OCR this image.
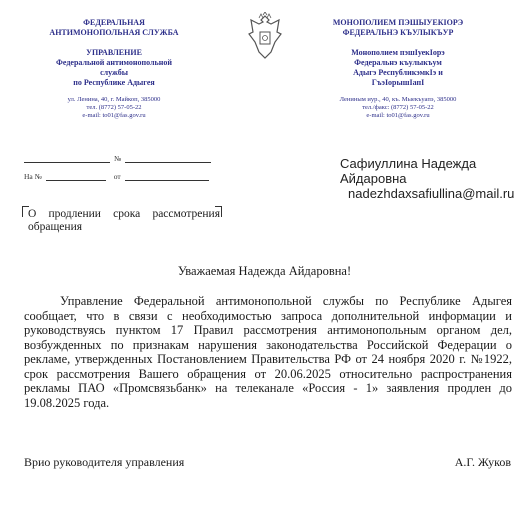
ФЕДЕРАЛЬНАЯ
АНТИМОНОПОЛЬНАЯ СЛУЖБА
УПРАВЛЕНИЕ
Федеральной антимонопольной
службы
по Республике Адыгея
ул. Ленина, 40, г. Майкоп, 385000
тел. (8772) 57-05-22
e-mail: to01@fas.gov.ru
МОНОПОЛИЕМ ПЭШЫУЕКIОРЭ
ФЕДЕРАЛЬНЭ КЪУЛЫКЪУР
Монополием пэшIуекIорэ
Федеральнэ къулыкъум
Адыгэ РеспубликэмкIэ и
ГъэIорышIапI
Лениным иур., 40, къ. Мыекъуапэ, 385000
тел./факс: (8772) 57-05-22
e-mail: to01@fas.gov.ru
№
На №	от
Сафиуллина Надежда Айдаровна
nadezhdaxsafiullina@mail.ru
О продлении срока рассмотрения
обращения
Уважаемая Надежда Айдаровна!
Управление Федеральной антимонопольной службы по Республике Адыгея сообщает, что в связи с необходимостью запроса дополнительной информации и руководствуясь пунктом 17 Правил рассмотрения антимонопольным органом дел, возбужденных по признакам нарушения законодательства Российской Федерации о рекламе, утвержденных Постановлением Правительства РФ от 24 ноября 2020 г. №1922, срок рассмотрения Вашего обращения от 20.06.2025 относительно распространения рекламы ПАО «Промсвязьбанк» на телеканале «Россия - 1» заявления продлен до 19.08.2025 года.
Врио руководителя управления	А.Г. Жуков
